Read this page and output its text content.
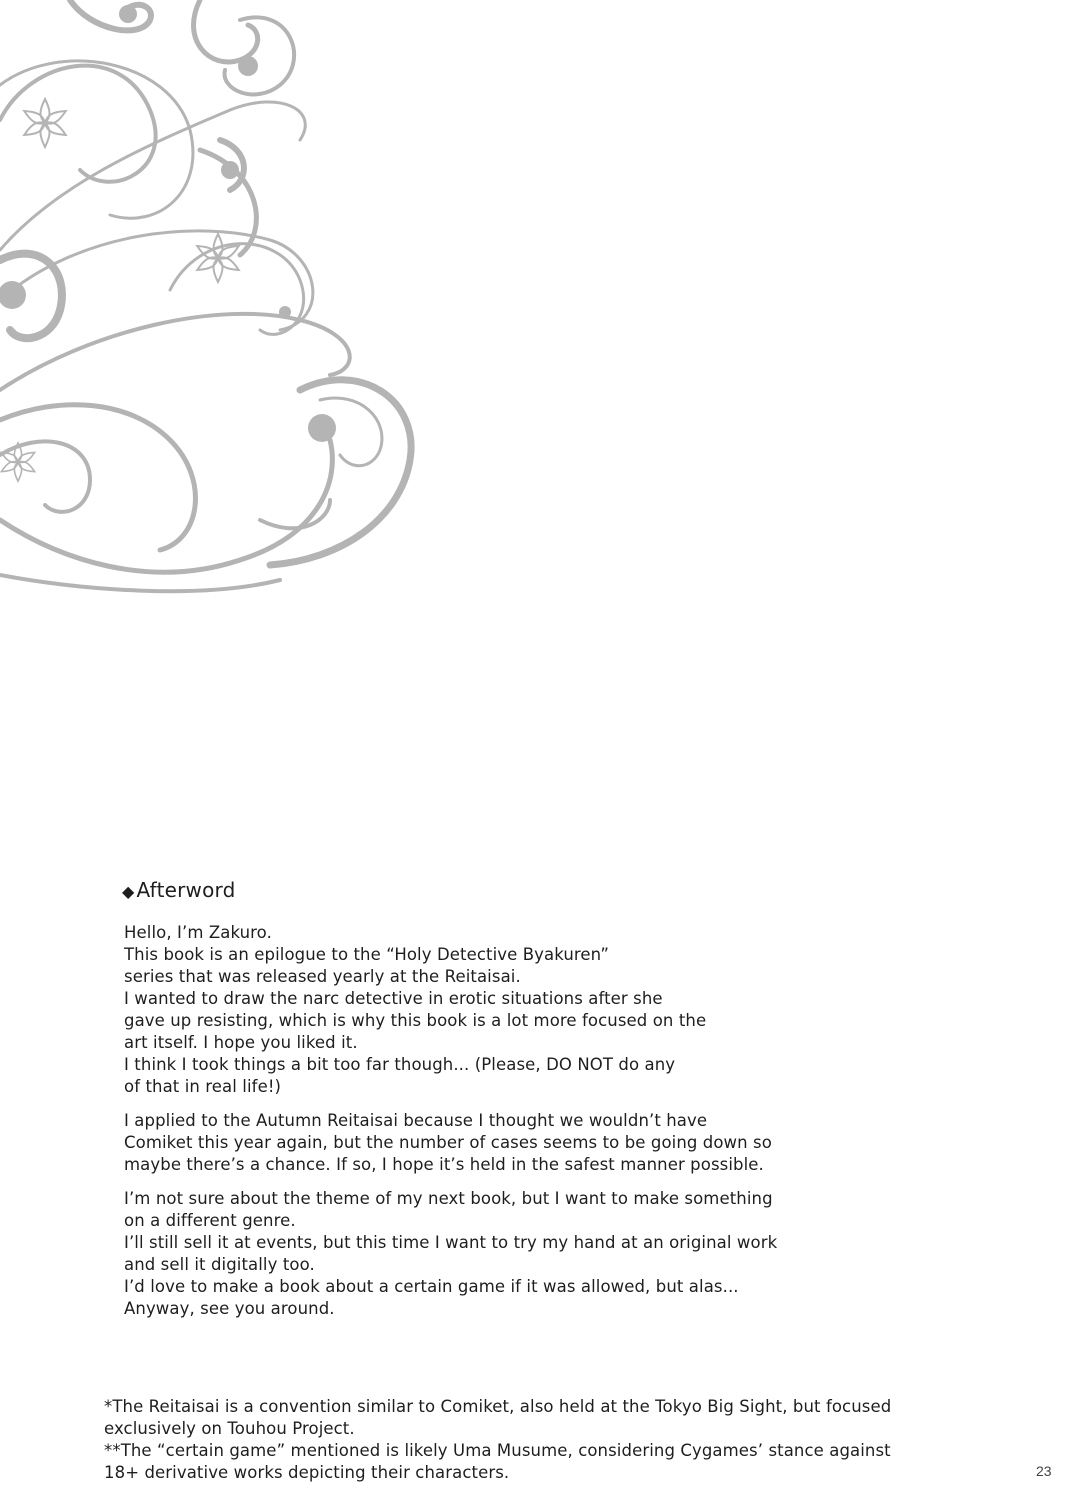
◆ Afterword
Hello, I’m Zakuro.
This book is an epilogue to the “Holy Detective Byakuren”
series that was released yearly at the Reitaisai.
I wanted to draw the narc detective in erotic situations after she
gave up resisting, which is why this book is a lot more focused on the
art itself. I hope you liked it.
I think I took things a bit too far though... (Please, DO NOT do any
of that in real life!)
I applied to the Autumn Reitaisai because I thought we wouldn’t have
Comiket this year again, but the number of cases seems to be going down so
maybe there’s a chance. If so, I hope it’s held in the safest manner possible.
I’m not sure about the theme of my next book, but I want to make something
on a different genre.
I’ll still sell it at events, but this time I want to try my hand at an original work
and sell it digitally too.
I’d love to make a book about a certain game if it was allowed, but alas...
Anyway, see you around.
*The Reitaisai is a convention similar to Comiket, also held at the Tokyo Big Sight, but focused
exclusively on Touhou Project.
**The “certain game” mentioned is likely Uma Musume, considering Cygames’ stance against
18+ derivative works depicting their characters.	23
